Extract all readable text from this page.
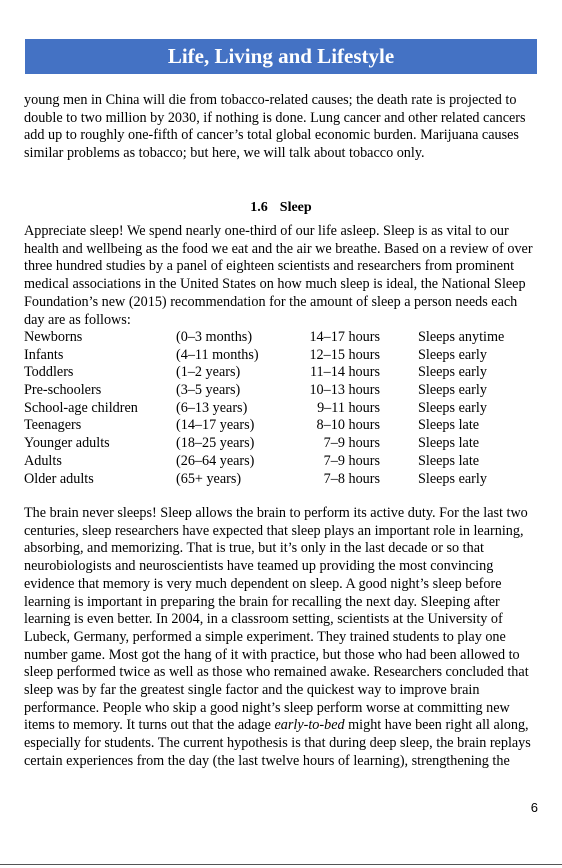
Life, Living and Lifestyle

young men in China will die from tobacco-related causes; the death rate is projected to double to two million by 2030, if nothing is done. Lung cancer and other related cancers add up to roughly one-fifth of cancer’s total global economic burden. Marijuana causes similar problems as tobacco; but here, we will talk about tobacco only.

1.6 Sleep

Appreciate sleep! We spend nearly one-third of our life asleep. Sleep is as vital to our health and wellbeing as the food we eat and the air we breathe. Based on a review of over three hundred studies by a panel of eighteen scientists and researchers from prominent medical associations in the United States on how much sleep is ideal, the National Sleep Foundation’s new (2015) recommendation for the amount of sleep a person needs each day are as follows:

Newborns	(0–3 months)	14–17 hours	Sleeps anytime
Infants	(4–11 months)	12–15 hours	Sleeps early
Toddlers	(1–2 years)	11–14 hours	Sleeps early
Pre-schoolers	(3–5 years)	10–13 hours	Sleeps early
School-age children	(6–13 years)	9–11 hours	Sleeps early
Teenagers	(14–17 years)	8–10 hours	Sleeps late
Younger adults	(18–25 years)	7–9 hours	Sleeps late
Adults	(26–64 years)	7–9 hours	Sleeps late
Older adults	(65+ years)	7–8 hours	Sleeps early

The brain never sleeps! Sleep allows the brain to perform its active duty. For the last two centuries, sleep researchers have expected that sleep plays an important role in learning, absorbing, and memorizing. That is true, but it’s only in the last decade or so that neurobiologists and neuroscientists have teamed up providing the most convincing evidence that memory is very much dependent on sleep. A good night’s sleep before learning is important in preparing the brain for recalling the next day. Sleeping after learning is even better. In 2004, in a classroom setting, scientists at the University of Lubeck, Germany, performed a simple experiment. They trained students to play one number game. Most got the hang of it with practice, but those who had been allowed to sleep performed twice as well as those who remained awake. Researchers concluded that sleep was by far the greatest single factor and the quickest way to improve brain performance. People who skip a good night’s sleep perform worse at committing new items to memory. It turns out that the adage early-to-bed might have been right all along, especially for students. The current hypothesis is that during deep sleep, the brain replays certain experiences from the day (the last twelve hours of learning), strengthening the

6
